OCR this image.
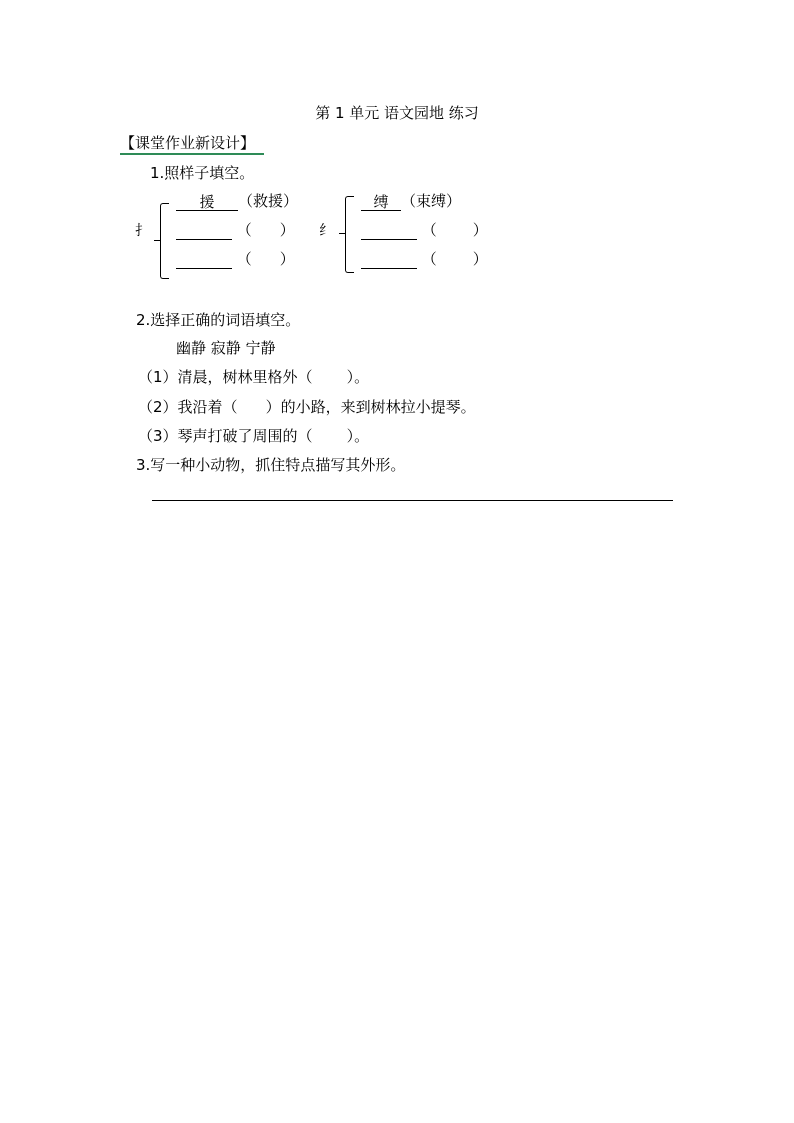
第 1 单元 语文园地 练习
【课堂作业新设计】
1.照样子填空。
扌
援 （救援）
（ ）
（ ）
纟
缚 （束缚）
（ ）
（ ）
2.选择正确的词语填空。
幽静 寂静 宁静
（1）清晨，树林里格外（ ）。
（2）我沿着（ ）的小路，来到树林拉小提琴。
（3）琴声打破了周围的（ ）。
3.写一种小动物，抓住特点描写其外形。
